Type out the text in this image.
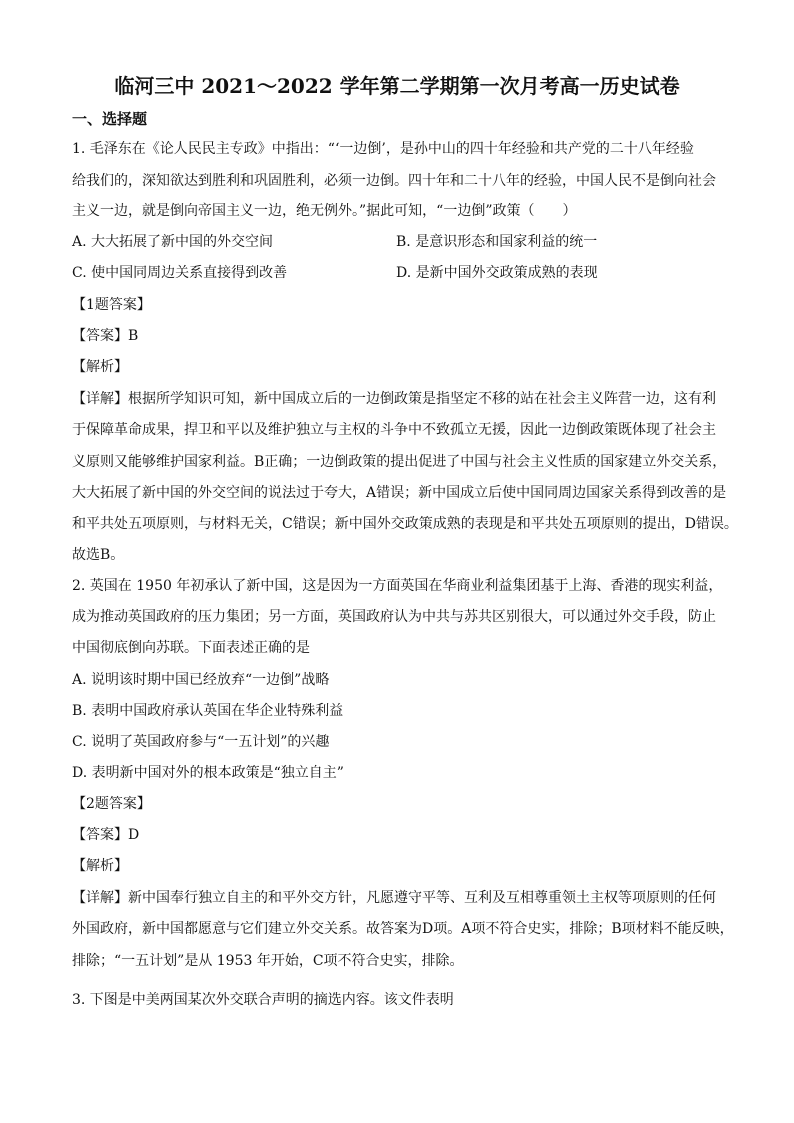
临河三中 2021～2022 学年第二学期第一次月考高一历史试卷
一、选择题
1. 毛泽东在《论人民民主专政》中指出：“‘一边倒’，是孙中山的四十年经验和共产党的二十八年经验
给我们的，深知欲达到胜利和巩固胜利，必须一边倒。四十年和二十八年的经验，中国人民不是倒向社会
主义一边，就是倒向帝国主义一边，绝无例外。”据此可知，“一边倒”政策（　　）
A. 大大拓展了新中国的外交空间	B. 是意识形态和国家利益的统一
C. 使中国同周边关系直接得到改善	D. 是新中国外交政策成熟的表现
【1题答案】
【答案】B
【解析】
【详解】根据所学知识可知，新中国成立后的一边倒政策是指坚定不移的站在社会主义阵营一边，这有利
于保障革命成果，捍卫和平以及维护独立与主权的斗争中不致孤立无援，因此一边倒政策既体现了社会主
义原则又能够维护国家利益。B正确；一边倒政策的提出促进了中国与社会主义性质的国家建立外交关系，
大大拓展了新中国的外交空间的说法过于夸大，A错误；新中国成立后使中国同周边国家关系得到改善的是
和平共处五项原则，与材料无关，C错误；新中国外交政策成熟的表现是和平共处五项原则的提出，D错误。
故选B。
2. 英国在 1950 年初承认了新中国，这是因为一方面英国在华商业利益集团基于上海、香港的现实利益，
成为推动英国政府的压力集团；另一方面，英国政府认为中共与苏共区别很大，可以通过外交手段，防止
中国彻底倒向苏联。下面表述正确的是
A. 说明该时期中国已经放弃“一边倒”战略
B. 表明中国政府承认英国在华企业特殊利益
C. 说明了英国政府参与“一五计划”的兴趣
D. 表明新中国对外的根本政策是“独立自主”
【2题答案】
【答案】D
【解析】
【详解】新中国奉行独立自主的和平外交方针，凡愿遵守平等、互利及互相尊重领土主权等项原则的任何
外国政府，新中国都愿意与它们建立外交关系。故答案为D项。A项不符合史实，排除；B项材料不能反映，
排除；“一五计划”是从 1953 年开始，C项不符合史实，排除。
3. 下图是中美两国某次外交联合声明的摘选内容。该文件表明
